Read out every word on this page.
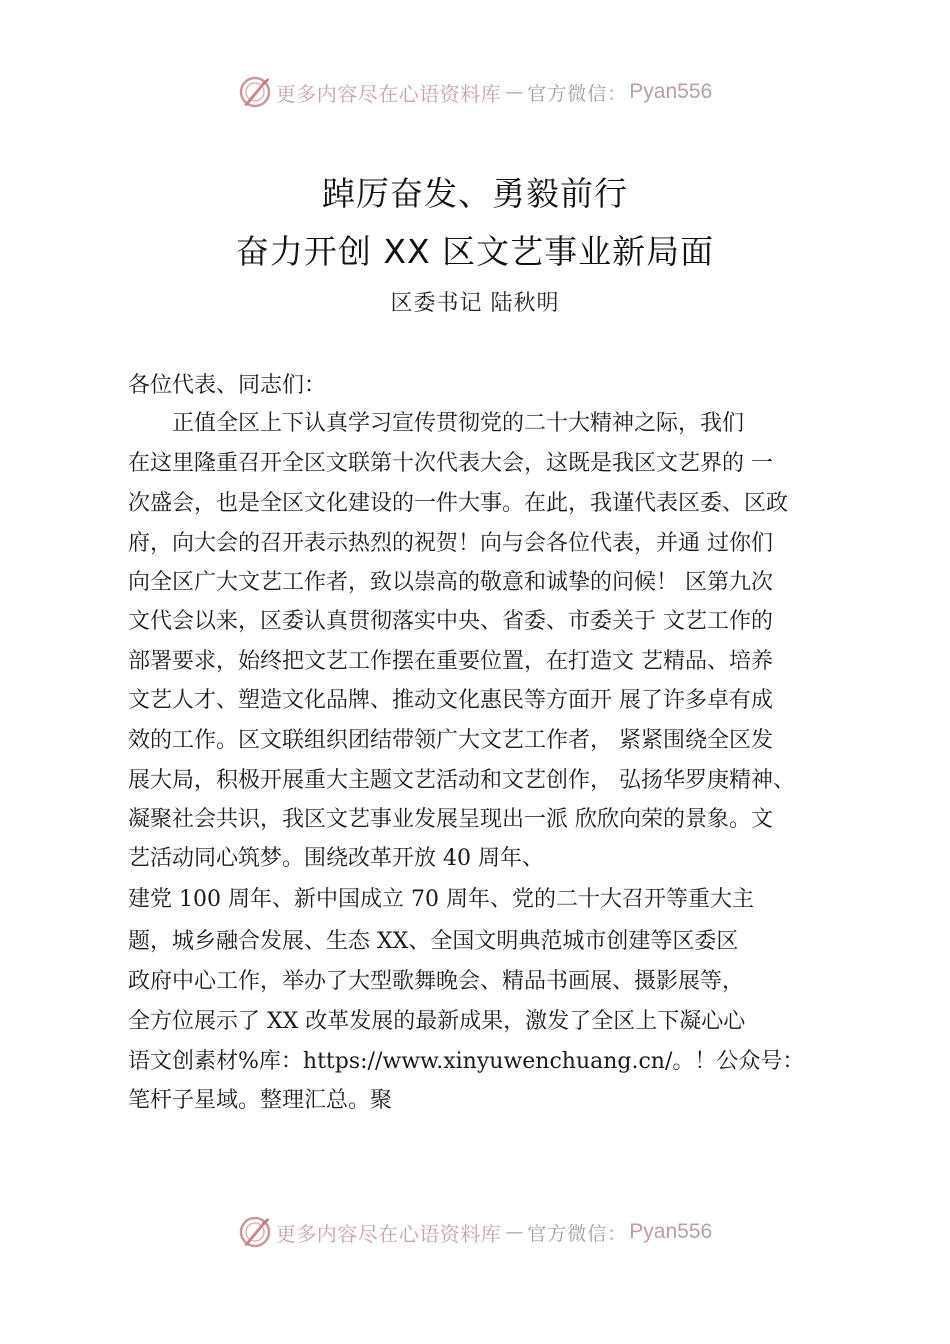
更多内容尽在心语资料库 — 官方微信： Pyan556
踔厉奋发、勇毅前行
奋力开创 XX 区文艺事业新局面
区委书记 陆秋明
各位代表、同志们：
　　正值全区上下认真学习宣传贯彻党的二十大精神之际，我们
在这里隆重召开全区文联第十次代表大会，这既是我区文艺界的 一
次盛会，也是全区文化建设的一件大事。在此，我谨代表区委、区政
府，向大会的召开表示热烈的祝贺！向与会各位代表，并通 过你们
向全区广大文艺工作者，致以崇高的敬意和诚挚的问候！ 区第九次
文代会以来，区委认真贯彻落实中央、省委、市委关于 文艺工作的
部署要求，始终把文艺工作摆在重要位置，在打造文 艺精品、培养
文艺人才、塑造文化品牌、推动文化惠民等方面开 展了许多卓有成
效的工作。区文联组织团结带领广大文艺工作者， 紧紧围绕全区发
展大局，积极开展重大主题文艺活动和文艺创作， 弘扬华罗庚精神、
凝聚社会共识，我区文艺事业发展呈现出一派 欣欣向荣的景象。文
艺活动同心筑梦。围绕改革开放 40 周年、
建党 100 周年、新中国成立 70 周年、党的二十大召开等重大主
题，城乡融合发展、生态 XX、全国文明典范城市创建等区委区
政府中心工作，举办了大型歌舞晚会、精品书画展、摄影展等，
全方位展示了 XX 改革发展的最新成果，激发了全区上下凝心心
语文创素材%库：https://www.xinyuwenchuang.cn/。！公众号：
笔杆子星域。整理汇总。聚
更多内容尽在心语资料库 — 官方微信： Pyan556
